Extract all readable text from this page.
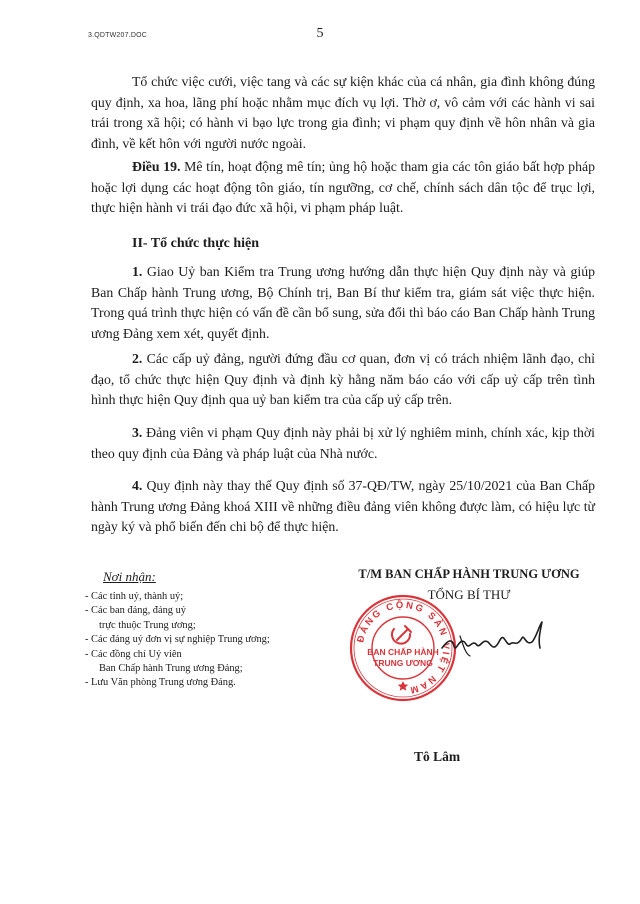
3.QDTW207.DOC	5

Tổ chức việc cưới, việc tang và các sự kiện khác của cá nhân, gia đình không đúng quy định, xa hoa, lãng phí hoặc nhằm mục đích vụ lợi. Thờ ơ, vô cảm với các hành vi sai trái trong xã hội; có hành vi bạo lực trong gia đình; vi phạm quy định về hôn nhân và gia đình, về kết hôn với người nước ngoài.

Điều 19. Mê tín, hoạt động mê tín; ủng hộ hoặc tham gia các tôn giáo bất hợp pháp hoặc lợi dụng các hoạt động tôn giáo, tín ngưỡng, cơ chế, chính sách dân tộc để trục lợi, thực hiện hành vi trái đạo đức xã hội, vi phạm pháp luật.

II- Tổ chức thực hiện

1. Giao Uỷ ban Kiểm tra Trung ương hướng dẫn thực hiện Quy định này và giúp Ban Chấp hành Trung ương, Bộ Chính trị, Ban Bí thư kiểm tra, giám sát việc thực hiện. Trong quá trình thực hiện có vấn đề cần bổ sung, sửa đổi thì báo cáo Ban Chấp hành Trung ương Đảng xem xét, quyết định.

2. Các cấp uỷ đảng, người đứng đầu cơ quan, đơn vị có trách nhiệm lãnh đạo, chỉ đạo, tổ chức thực hiện Quy định và định kỳ hằng năm báo cáo với cấp uỷ cấp trên tình hình thực hiện Quy định qua uỷ ban kiểm tra của cấp uỷ cấp trên.

3. Đảng viên vi phạm Quy định này phải bị xử lý nghiêm minh, chính xác, kịp thời theo quy định của Đảng và pháp luật của Nhà nước.

4. Quy định này thay thế Quy định số 37-QĐ/TW, ngày 25/10/2021 của Ban Chấp hành Trung ương Đảng khoá XIII về những điều đảng viên không được làm, có hiệu lực từ ngày ký và phổ biến đến chi bộ để thực hiện.

Nơi nhận:
- Các tỉnh uỷ, thành uỷ;
- Các ban đảng, đảng uỷ
trực thuộc Trung ương;
- Các đảng uỷ đơn vị sự nghiệp Trung ương;
- Các đồng chí Uỷ viên
Ban Chấp hành Trung ương Đảng;
- Lưu Văn phòng Trung ương Đảng.
T/M BAN CHẤP HÀNH TRUNG ƯƠNG
TỔNG BÍ THƯ
ĐẢNG CỘNG SẢN VIỆT NAM
BAN CHẤP HÀNH
TRUNG ƯƠNG
Tô Lâm
